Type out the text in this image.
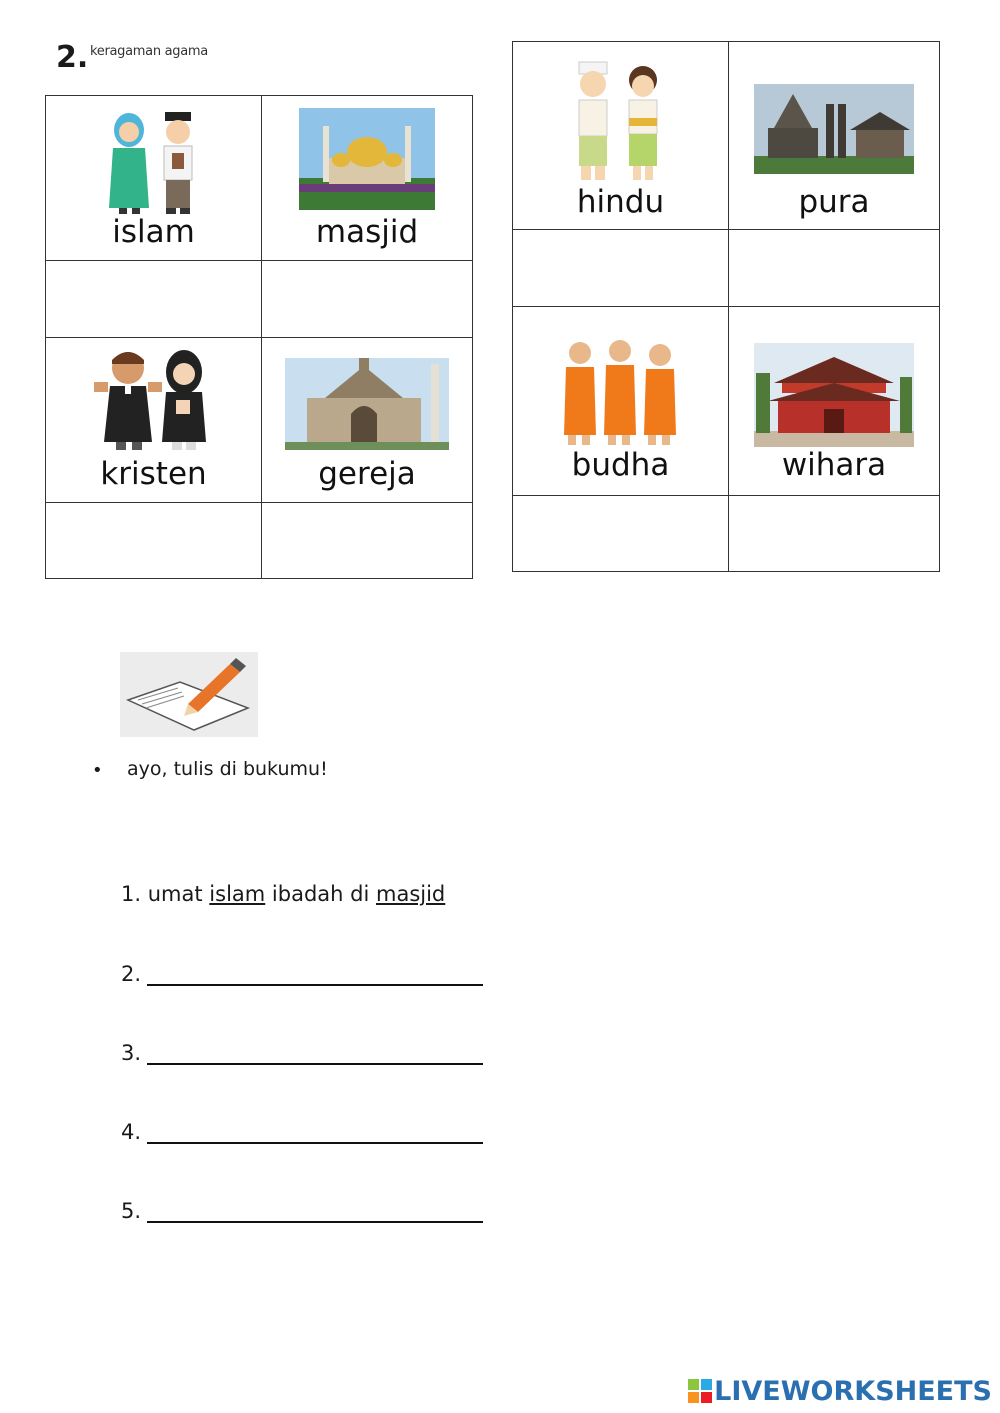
2. keragaman agama
islam	masjid

kristen	gereja

hindu	pura

budha	wihara

• ayo, tulis di bukumu!
1. umat islam ibadah di masjid
2.
3.
4.
5.
LIVEWORKSHEETS
